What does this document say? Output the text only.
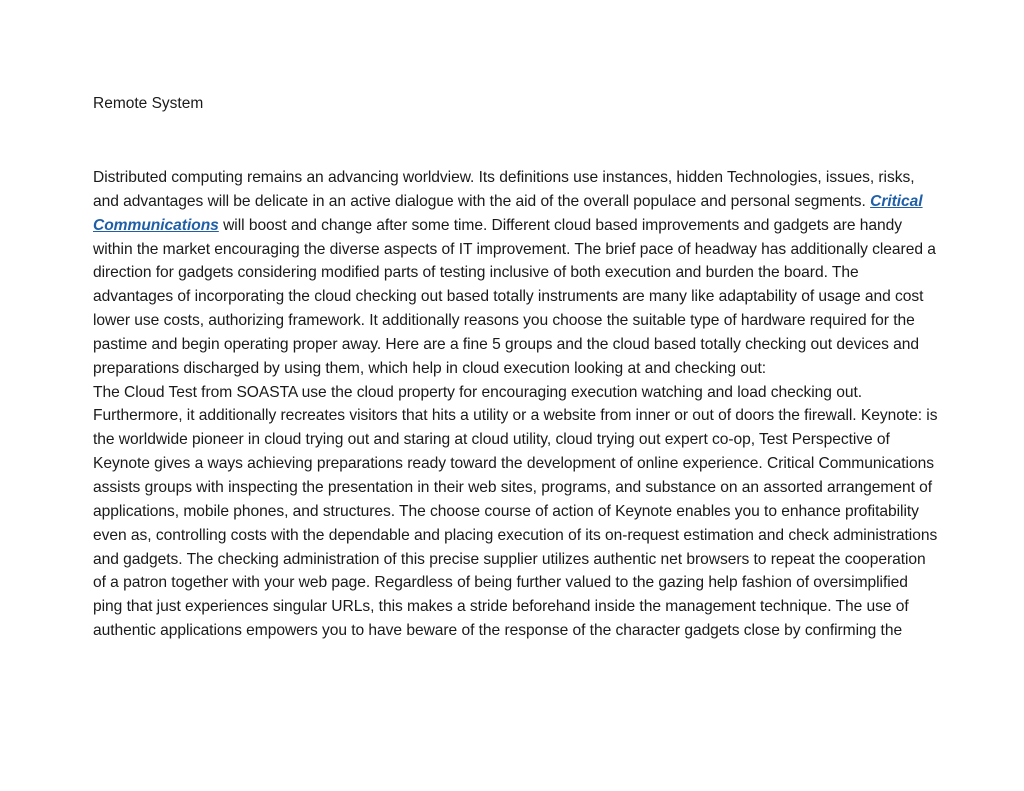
Remote System

Distributed computing remains an advancing worldview. Its definitions use instances, hidden Technologies, issues, risks, and advantages will be delicate in an active dialogue with the aid of the overall populace and personal segments. Critical Communications will boost and change after some time. Different cloud based improvements and gadgets are handy within the market encouraging the diverse aspects of IT improvement. The brief pace of headway has additionally cleared a direction for gadgets considering modified parts of testing inclusive of both execution and burden the board. The advantages of incorporating the cloud checking out based totally instruments are many like adaptability of usage and cost lower use costs, authorizing framework. It additionally reasons you choose the suitable type of hardware required for the pastime and begin operating proper away. Here are a fine 5 groups and the cloud based totally checking out devices and preparations discharged by using them, which help in cloud execution looking at and checking out:

The Cloud Test from SOASTA use the cloud property for encouraging execution watching and load checking out. Furthermore, it additionally recreates visitors that hits a utility or a website from inner or out of doors the firewall. Keynote: is the worldwide pioneer in cloud trying out and staring at cloud utility, cloud trying out expert co-op, Test Perspective of Keynote gives a ways achieving preparations ready toward the development of online experience. Critical Communications assists groups with inspecting the presentation in their web sites, programs, and substance on an assorted arrangement of applications, mobile phones, and structures. The choose course of action of Keynote enables you to enhance profitability even as, controlling costs with the dependable and placing execution of its on-request estimation and check administrations and gadgets. The checking administration of this precise supplier utilizes authentic net browsers to repeat the cooperation of a patron together with your web page. Regardless of being further valued to the gazing help fashion of oversimplified ping that just experiences singular URLs, this makes a stride beforehand inside the management technique. The use of authentic applications empowers you to have beware of the response of the character gadgets close by confirming the
